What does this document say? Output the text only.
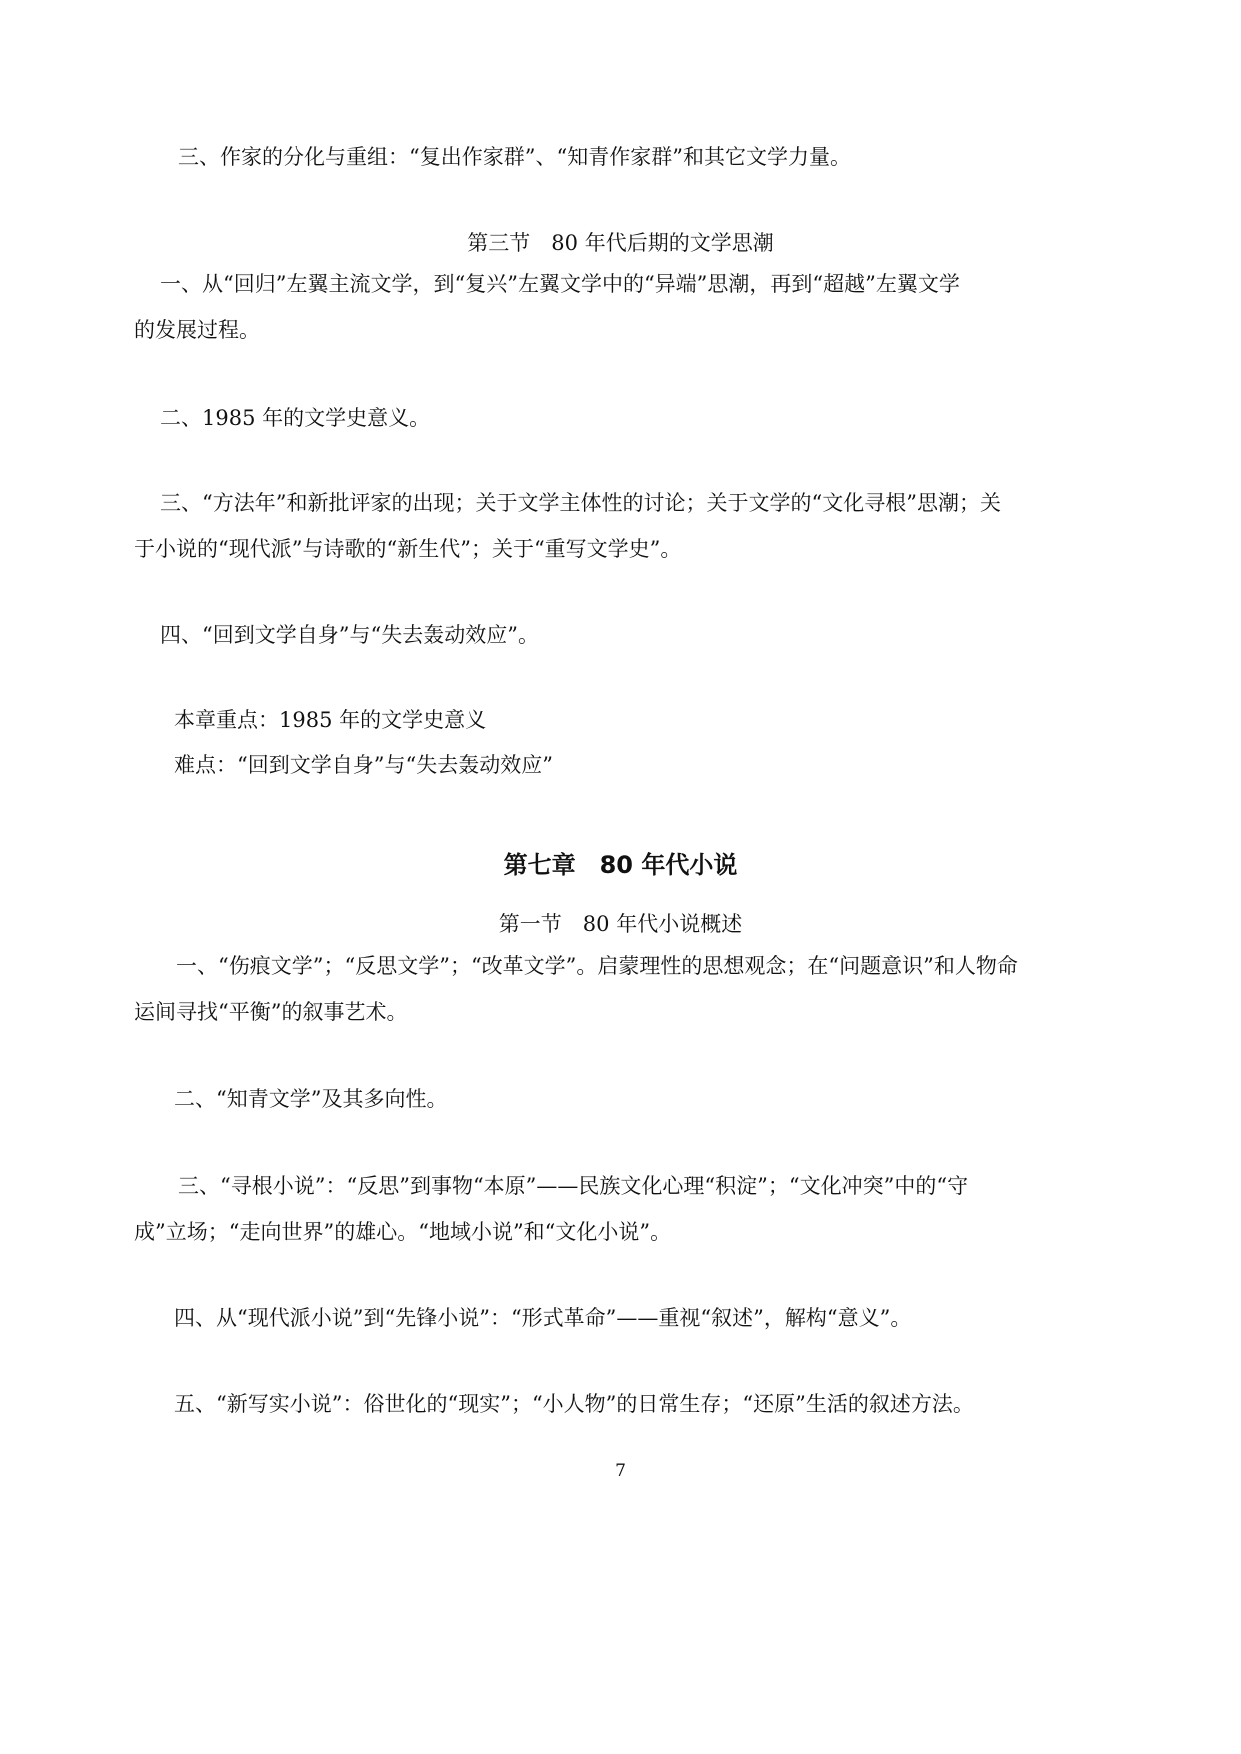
三、作家的分化与重组：“复出作家群”、“知青作家群”和其它文学力量。
第三节　80 年代后期的文学思潮
一、从“回归”左翼主流文学，到“复兴”左翼文学中的“异端”思潮，再到“超越”左翼文学
的发展过程。
二、1985 年的文学史意义。
三、“方法年”和新批评家的出现；关于文学主体性的讨论；关于文学的“文化寻根”思潮；关
于小说的“现代派”与诗歌的“新生代”；关于“重写文学史”。
四、“回到文学自身”与“失去轰动效应”。
本章重点：1985 年的文学史意义
难点：“回到文学自身”与“失去轰动效应”
第七章　80 年代小说
第一节　80 年代小说概述
一、“伤痕文学”；“反思文学”；“改革文学”。启蒙理性的思想观念；在“问题意识”和人物命
运间寻找“平衡”的叙事艺术。
二、“知青文学”及其多向性。
三、“寻根小说”：“反思”到事物“本原”——民族文化心理“积淀”；“文化冲突”中的“守
成”立场；“走向世界”的雄心。“地域小说”和“文化小说”。
四、从“现代派小说”到“先锋小说”：“形式革命”——重视“叙述”，解构“意义”。
五、“新写实小说”：俗世化的“现实”；“小人物”的日常生存；“还原”生活的叙述方法。
7
